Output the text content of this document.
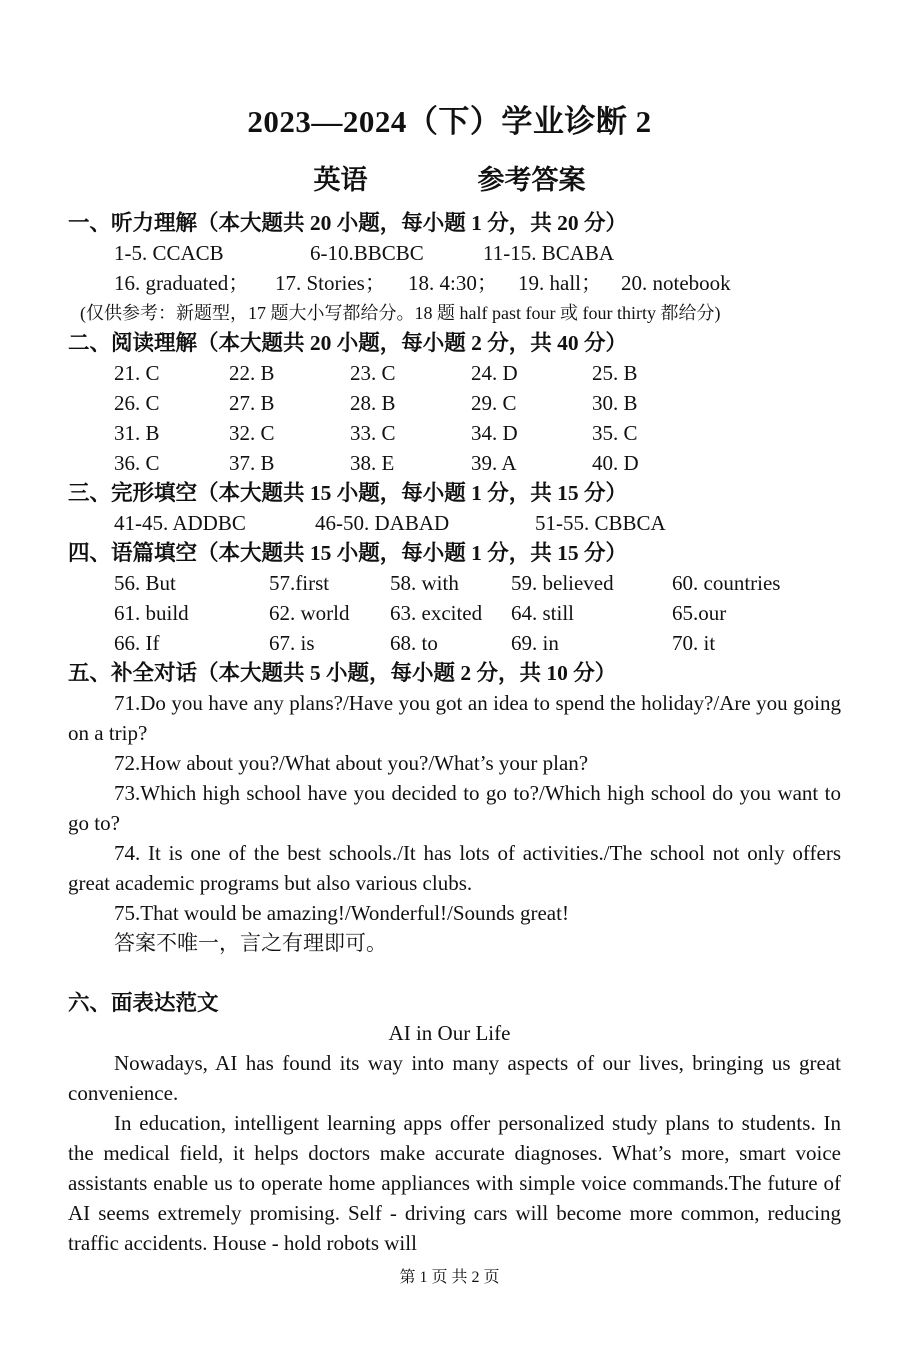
2023—2024（下）学业诊断 2
英语	参考答案
一、听力理解（本大题共 20 小题，每小题 1 分，共 20 分）
1-5. CCACB	6-10.BBCBC	11-15. BCABA
16. graduated； 17. Stories； 18. 4:30； 19. hall； 20. notebook
(仅供参考：新题型，17 题大小写都给分。18 题 half past four 或 four thirty 都给分)
二、阅读理解（本大题共 20 小题，每小题 2 分，共 40 分）
21. C	22. B	23. C	24. D	25. B
26. C	27. B	28. B	29. C	30. B
31. B	32. C	33. C	34. D	35. C
36. C	37. B	38. E	39. A	40. D
三、完形填空（本大题共 15 小题，每小题 1 分，共 15 分）
41-45. ADDBC	46-50. DABAD	51-55. CBBCA
四、语篇填空（本大题共 15 小题，每小题 1 分，共 15 分）
56. But	57.first	58. with 59. believed	60. countries
61. build	62. world 63. excited 64. still	65.our
66. If	67. is	68. to	69. in	70. it
五、补全对话（本大题共 5 小题，每小题 2 分，共 10 分）
71.Do you have any plans?/Have you got an idea to spend the holiday?/Are you going on a trip?
72.How about you?/What about you?/What’s your plan?
73.Which high school have you decided to go to?/Which high school do you want to go to?
74. It is one of the best schools./It has lots of activities./The school not only offers great academic programs but also various clubs.
75.That would be amazing!/Wonderful!/Sounds great!
答案不唯一，言之有理即可。
六、面表达范文
AI in Our Life
Nowadays, AI has found its way into many aspects of our lives, bringing us great convenience.
In education, intelligent learning apps offer personalized study plans to students. In the medical field, it helps doctors make accurate diagnoses. What’s more, smart voice assistants enable us to operate home appliances with simple voice commands.The future of AI seems extremely promising. Self - driving cars will become more common, reducing traffic accidents. House - hold robots will
第 1 页 共 2 页
